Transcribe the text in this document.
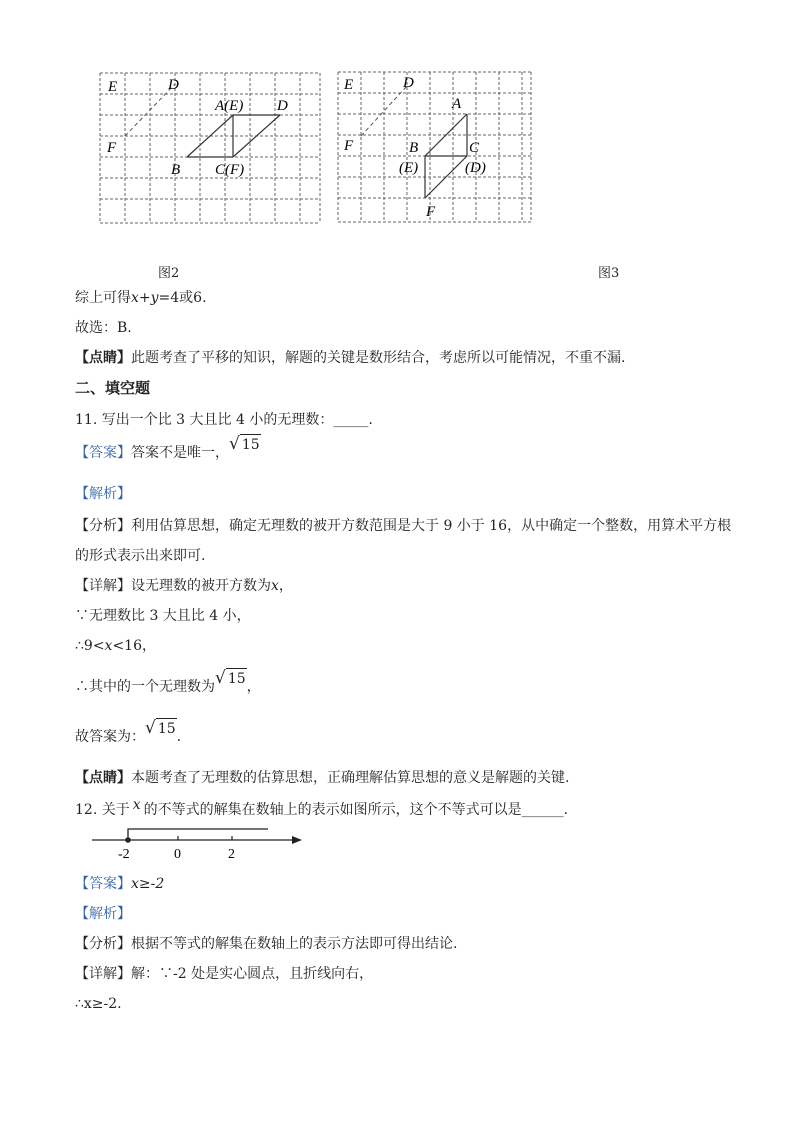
E	D
A(E) D
F
B C(F)
图2
E	D
A
F	B	C
(E)	(D)
F
图3
综上可得x+y=4或6.
故选：B.
【点睛】此题考查了平移的知识，解题的关键是数形结合，考虑所以可能情况，不重不漏.
二、填空题
11. 写出一个比 3 大且比 4 小的无理数：_____.
【答案】答案不是唯一，√ 15
【解析】
【分析】利用估算思想，确定无理数的被开方数范围是大于 9 小于 16，从中确定一个整数，用算术平方根
的形式表示出来即可.
【详解】设无理数的被开方数为x，
∵无理数比 3 大且比 4 小，
∴9<x<16，
∴其中的一个无理数为√ 15，
故答案为：√ 15.
【点睛】本题考查了无理数的估算思想，正确理解估算思想的意义是解题的关键.
12. 关于 x 的不等式的解集在数轴上的表示如图所示，这个不等式可以是______.
-2	0	2
【答案】x≥-2
【解析】
【分析】根据不等式的解集在数轴上的表示方法即可得出结论.
【详解】解：∵-2 处是实心圆点，且折线向右，
∴x≥-2.
